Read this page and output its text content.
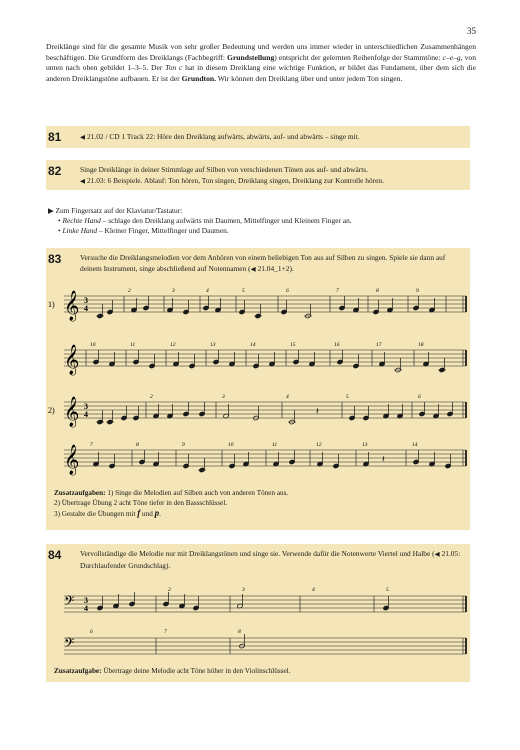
35
Dreiklänge sind für die gesamte Musik von sehr großer Bedeutung und werden uns immer wieder in unterschiedlichen Zusammenhängen beschäftigen. Die Grundform des Dreiklangs (Fachbegriff: Grundstellung) entspricht der gelernten Reihenfolge der Stammtöne: c–e–g, von unten nach oben gebildet 1–3–5. Der Ton c hat in diesem Dreiklang eine wichtige Funktion, er bildet das Fundament, über dem sich die anderen Dreiklangstöne aufbauen. Er ist der Grundton. Wir können den Dreiklang über und unter jedem Ton singen.
81	◀ 21.02 / CD 1 Track 22: Höre den Dreiklang aufwärts, abwärts, auf- und abwärts – singe mit.
82	Singe Dreiklänge in deiner Stimmlage auf Silben von verschiedenen Tönen aus auf- und abwärts.
◀ 21.03: 6 Beispiele. Ablauf: Ton hören, Ton singen, Dreiklang singen, Dreiklang zur Kontrolle hören.
▶ Zum Fingersatz auf der Klaviatur/Tastatur:
• Rechte Hand – schlage den Dreiklang aufwärts mit Daumen, Mittelfinger und Kleinem Finger an.
• Linke Hand – Kleiner Finger, Mittelfinger und Daumen.
83	Versuche die Dreiklangsmelodien vor dem Anhören von einem beliebigen Ton aus auf Silben zu singen. Spiele sie dann auf deinem Instrument, singe abschließend auf Notennamen (◀ 21.04_1+2).
1) 𝄞 3
4
2	3	4	5	6	7	8	9
𝄞 10	11	12	13	14	15	16	17	18
2) 𝄞 3
4
2	3	4	5	6
𝄽
𝄞 7	8	9	10	11	12	13	14
𝄽
Zusatzaufgaben: 1) Singe die Melodien auf Silben auch von anderen Tönen aus.
2) Übertrage Übung 2 acht Töne tiefer in den Bassschlüssel.
3) Gestalte die Übungen mit f und p.
84	Vervollständige die Melodie nur mit Dreiklangstönen und singe sie. Verwende dafür die Notenwerte Viertel und Halbe (◀ 21.05: Durchlaufender Grundschlag).
𝄢 3
4
2	3	4	5
𝄢
6	7	8
Zusatzaufgabe: Übertrage deine Melodie acht Töne höher in den Violinschlüssel.
